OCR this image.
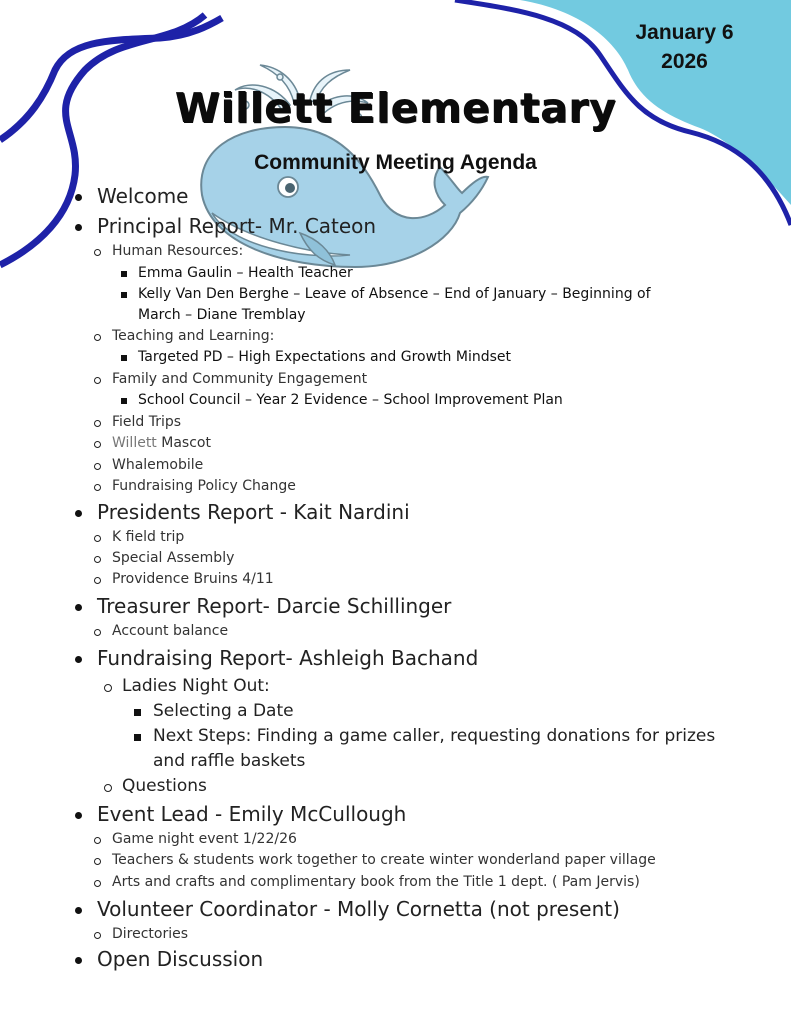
January 6
2026
Willett Elementary
Community Meeting Agenda
Welcome
Principal Report- Mr. Cateon
Human Resources:
Emma Gaulin – Health Teacher
Kelly Van Den Berghe – Leave of Absence – End of January – Beginning of
March – Diane Tremblay
Teaching and Learning:
Targeted PD – High Expectations and Growth Mindset
Family and Community Engagement
School Council – Year 2 Evidence – School Improvement Plan
Field Trips
Willett Mascot
Whalemobile
Fundraising Policy Change
Presidents Report - Kait Nardini
K field trip
Special Assembly
Providence Bruins 4/11
Treasurer Report- Darcie Schillinger
Account balance
Fundraising Report- Ashleigh Bachand
Ladies Night Out:
Selecting a Date
Next Steps: Finding a game caller, requesting donations for prizes
and raffle baskets
Questions
Event Lead - Emily McCullough
Game night event 1/22/26
Teachers & students work together to create winter wonderland paper village
Arts and crafts and complimentary book from the Title 1 dept. ( Pam Jervis)
Volunteer Coordinator - Molly Cornetta (not present)
Directories
Open Discussion
